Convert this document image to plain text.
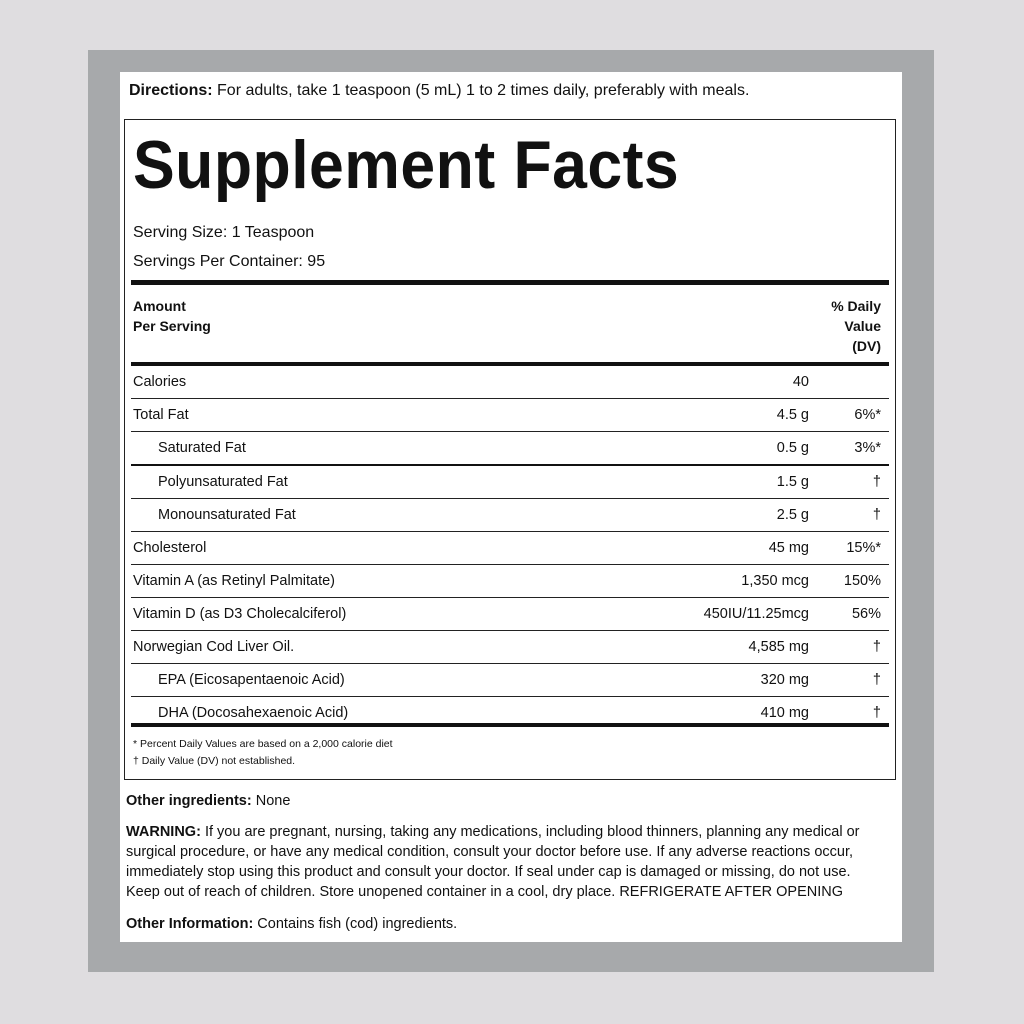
Directions: For adults, take 1 teaspoon (5 mL) 1 to 2 times daily, preferably with meals.
Supplement Facts
Serving Size: 1 Teaspoon
Servings Per Container: 95
Amount
Per Serving
% Daily
Value
(DV)
Calories	40
Total Fat	4.5 g	6%*
Saturated Fat	0.5 g	3%*
Polyunsaturated Fat	1.5 g	†
Monounsaturated Fat	2.5 g	†
Cholesterol	45 mg	15%*
Vitamin A (as Retinyl Palmitate)	1,350 mcg 150%
Vitamin D (as D3 Cholecalciferol)	450IU/11.25mcg	56%
Norwegian Cod Liver Oil.	4,585 mg	†
EPA (Eicosapentaenoic Acid)	320 mg	†
DHA (Docosahexaenoic Acid)	410 mg	†
* Percent Daily Values are based on a 2,000 calorie diet
† Daily Value (DV) not established.
Other ingredients: None
WARNING: If you are pregnant, nursing, taking any medications, including blood thinners, planning any medical or surgical procedure, or have any medical condition, consult your doctor before use. If any adverse reactions occur, immediately stop using this product and consult your doctor. If seal under cap is damaged or missing, do not use. Keep out of reach of children. Store unopened container in a cool, dry place. REFRIGERATE AFTER OPENING
Other Information: Contains fish (cod) ingredients.
